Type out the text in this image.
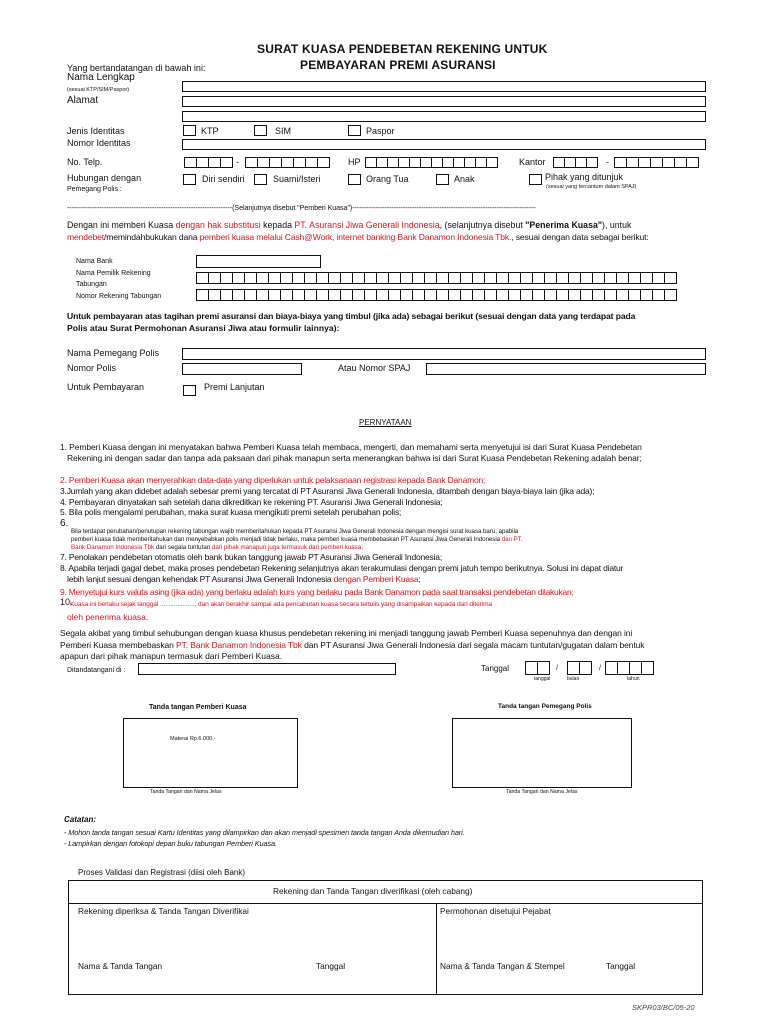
SURAT KUASA PENDEBETAN REKENING UNTUK
PEMBAYARAN PREMI ASURANSI
Yang bertandatangan di bawah ini:
Nama Lengkap
(sesuai KTP/SIM/Paspor)
Alamat
Jenis Identitas	KTP	SIM	Paspor
Nomor Identitas
No. Telp.	-	HP	Kantor	-
Hubungan dengan
Pemegang Polis :
Diri sendiri	Suami/Isteri	Orang Tua	Anak	Pihak yang ditunjuk
(sesuai yang tercantum dalam SPAJ)
------------------------------------------------------------------------(Selanjutnya disebut "Pemberi Kuasa")--------------------------------------------------------------------------------
Dengan ini memberi Kuasa dengan hak substitusi kepada PT. Asuransi Jiwa Generali Indonesia, (selanjutnya disebut "Penerima Kuasa"), untuk
mendebet/memindahbukukan dana pemberi kuasa melalui Cash@Work, internet banking Bank Danamon Indonesia Tbk., sesuai dengan data sebagai berikut:
Nama Bank
Nama Pemilik Rekening
Tabungan
Nomor Rekening Tabungan
Untuk pembayaran atas tagihan premi asuransi dan biaya-biaya yang timbul (jika ada) sebagai berikut (sesuai dengan data yang terdapat pada
Polis atau Surat Permohonan Asuransi Jiwa atau formulir lainnya):
Nama Pemegang Polis
Nomor Polis	Atau Nomor SPAJ
Untuk Pembayaran	Premi Lanjutan
PERNYATAAN
1. Pemberi Kuasa dengan ini menyatakan bahwa Pemberi Kuasa telah membaca, mengerti, dan memahami serta menyetujui isi dari Surat Kuasa Pendebetan
Rekening ini dengan sadar dan tanpa ada paksaan dari pihak manapun serta menerangkan bahwa isi dari Surat Kuasa Pendebetan Rekening adalah benar;
2. Pemberi Kuasa akan menyerahkan data-data yang diperlukan untuk pelaksanaan registrasi kepada Bank Danamon;
3.Jumlah yang akan didebet adalah sebesar premi yang tercatat di PT Asuransi Jiwa Generali Indonesia, ditambah dengan biaya-biaya lain (jika ada);
4. Pembayaran dinyatakan sah setelah dana dikreditkan ke rekening PT. Asuransi Jiwa Generali Indonesia;
5. Bila polis mengalami perubahan, maka surat kuasa mengikuti premi setelah perubahan polis;
6.
Bila terdapat perubahan/penutupan rekening tabungan wajib memberitahukan kepada PT Asuransi Jiwa Generali Indonesia dengan mengisi surat kuasa baru, apabila
pemberi kuasa tidak memberitahukan dan menyebabkan polis menjadi tidak berlaku, maka pemberi kuasa membebaskan PT Asuransi Jiwa Generali Indonesia dan PT.
Bank Danamon Indonesia Tbk dari segala tuntutan dari pihak manapun juga termasuk dari pemberi kuasa;
7. Penolakan pendebetan otomatis oleh bank bukan tanggung jawab PT Asuransi Jiwa Generali Indonesia;
8. Apabila terjadi gagal debet, maka proses pendebetan Rekening selanjutnya akan terakumulasi dengan premi jatuh tempo berikutnya. Solusi ini dapat diatur
lebih lanjut sesuai dengan kehendak PT Asuransi Jiwa Generali Indonesia dengan Pemberi Kuasa;
9. Menyetujui kurs valuta asing (jika ada) yang berlaku adalah kurs yang berlaku pada Bank Danamon pada saat transaksi pendebetan dilakukan;
10.
Kuasa ini berlaku sejak tanggal ..................... dan akan berakhir sampai ada pencabutan kuasa secara tertulis yang disampaikan kepada dan diterima
oleh penerima kuasa.
Segala akibat yang timbul sehubungan dengan kuasa khusus pendebetan rekening ini menjadi tanggung jawab Pemberi Kuasa sepenuhnya dan dengan ini
Pemberi Kuasa membebaskan PT. Bank Danamon Indonesia Tbk dan PT Asuransi Jiwa Generali Indonesia dari segala macam tuntutan/gugatan dalam bentuk
apapun dari pihak manapun termasuk dari Pemberi Kuasa.
Ditandatangani di :	Tanggal	/	/
tanggal	bulan	tahun
Tanda tangan Pemberi Kuasa	Tanda tangan Pemegang Polis
Materai Rp.6.000,-
Tanda Tangan dan Nama Jelas	Tanda Tangan dan Nama Jelas
Catatan:
- Mohon tanda tangan sesuai Kartu Identitas yang dilampirkan dan akan menjadi spesimen tanda tangan Anda dikemudian hari.
- Lampirkan dengan fotokopi depan buku tabungan Pemberi Kuasa.
Proses Validasi dan Registrasi (diisi oleh Bank)
Rekening dan Tanda Tangan diverifikasi (oleh cabang)
Rekening diperiksa & Tanda Tangan Diverifikai	Permohonan disetujui Pejabat
Nama & Tanda Tangan	Tanggal	Nama & Tanda Tangan & Stempel	Tanggal
SKPR03/BC/05-20
